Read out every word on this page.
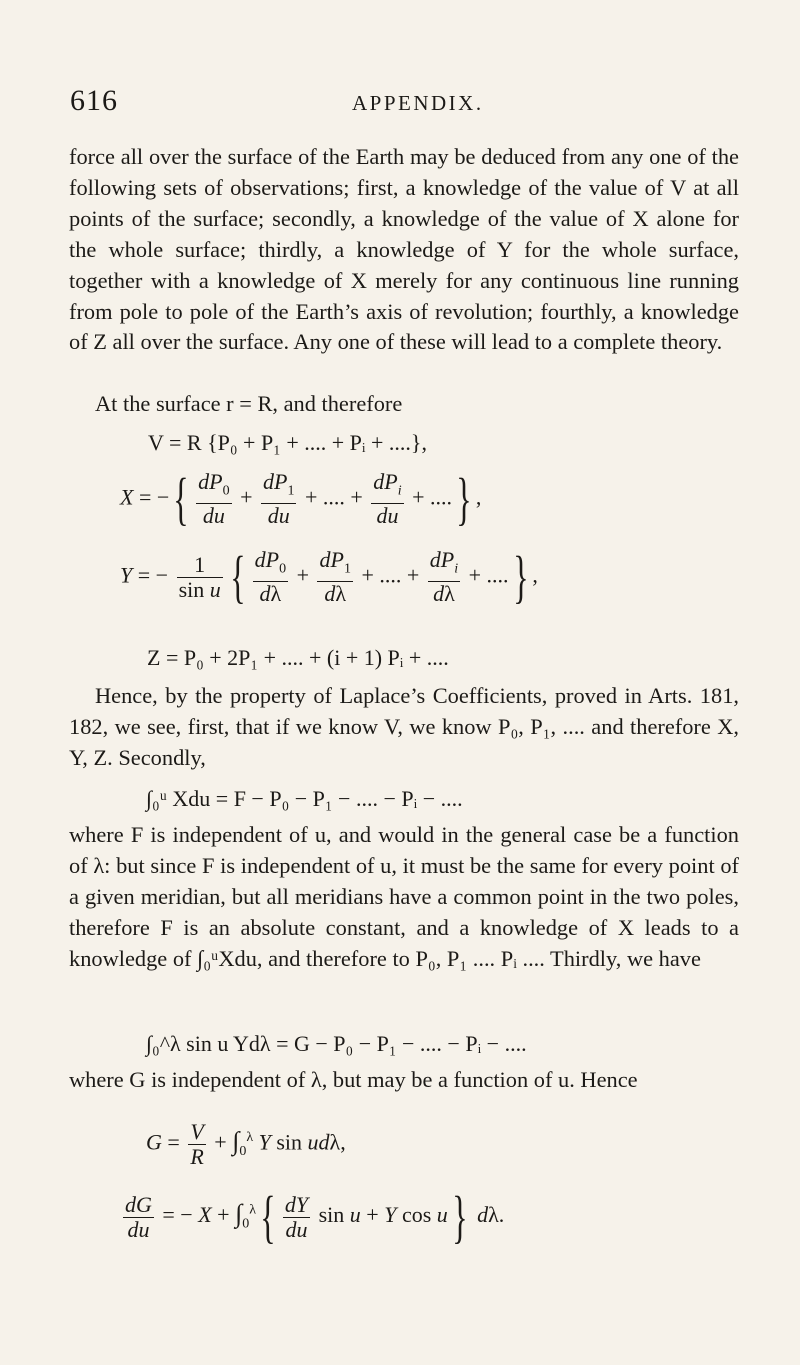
616	APPENDIX.

force all over the surface of the Earth may be deduced from any one of the following sets of observations; first, a knowledge of the value of V at all points of the surface; secondly, a knowledge of the value of X alone for the whole surface; thirdly, a knowledge of Y for the whole surface, together with a knowledge of X merely for any continuous line running from pole to pole of the Earth’s axis of revolution; fourthly, a knowledge of Z all over the surface. Any one of these will lead to a complete theory.

At the surface r = R, and therefore

V = R {P₀ + P₁ + .... + Pᵢ + ....},
X = −{ $\frac{dP_0}{du} + \frac{dP_1}{du}$ + .... + $\frac{dP_i}{du}$ + ....} ,
Y = − $\frac{1}{\text{sin u}}$ { $\frac{dP_0}{d\lambda} + \frac{dP_1}{d\lambda}$ + .... + $\frac{dP_i}{d\lambda}$ + ....} ,
Z = P₀ + 2P₁ + .... + (i + 1) Pᵢ + ....

Hence, by the property of Laplace’s Coefficients, proved in Arts. 181, 182, we see, first, that if we know V, we know P₀, P₁, .... and therefore X, Y, Z. Secondly,

∫₀ᵘ Xdu = F − P₀ − P₁ − .... − Pᵢ − ....

where F is independent of u, and would in the general case be a function of λ: but since F is independent of u, it must be the same for every point of a given meridian, but all meridians have a common point in the two poles, therefore F is an absolute constant, and a knowledge of X leads to a knowledge of ∫₀ᵘXdu, and therefore to P₀, P₁ .... Pᵢ .... Thirdly, we have

∫₀^λ sin u Ydλ = G − P₀ − P₁ − .... − Pᵢ − ....

where G is independent of λ, but may be a function of u. Hence

$G = \frac{V}{R} + \int_0^\lambda$ Y sin udλ,
$\frac{dG}{du}$ = − $X + \int_0^\lambda\{ \frac{dY}{du}$ sin u + Y cos u} dλ.
